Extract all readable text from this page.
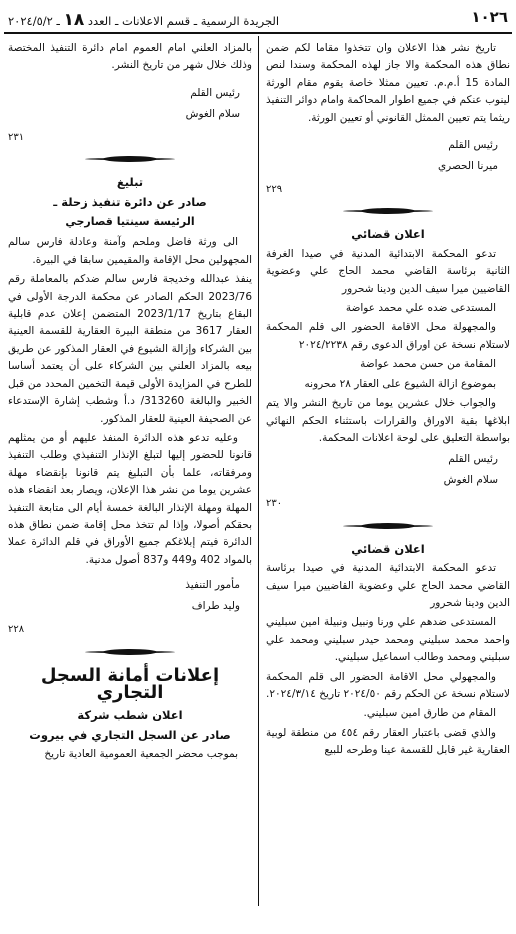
١٠٢٦
الجريدة الرسمية ـ قسم الاعلانات ـ العدد ١٨ ـ ٢٠٢٤/٥/٢

تاريخ نشر هذا الاعلان وان تتخذوا مقاما لكم ضمن نطاق هذه المحكمة والا جاز لهذه المحكمة وسندا لنص المادة 15 أ.م.م. تعيين ممثلا خاصة يقوم مقام الورثة لينوب عنكم في جميع اطوار المحاكمة وامام دوائر التنفيذ ريثما يتم تعيين الممثل القانوني أو تعيين الورثة.

رئيس القلم
ميرنا الحصري
٢٢٩
اعلان قضائي

تدعو المحكمة الابتدائية المدنية في صيدا الغرفة الثانية برئاسة القاضي محمد الحاج علي وعضوية القاضيين ميرا سيف الدين ودينا شحرور

المستدعى ضده علي محمد عواضة

والمجهولة محل الاقامة الحضور الى قلم المحكمة لاستلام نسخة عن اوراق الدعوى رقم ٢٠٢٤/٢٢٣٨

المقامة من حسن محمد عواضة

بموضوع ازالة الشيوع على العقار ٢٨ محرونه

والجواب خلال عشرين يوما من تاريخ النشر والا يتم ابلاغها بقية الاوراق والقرارات باستثناء الحكم النهائي بواسطة التعليق على لوحة اعلانات المحكمة.

رئيس القلم
سلام الغوش
٢٣٠
اعلان قضائي

تدعو المحكمة الابتدائية المدنية في صيدا برئاسة القاضي محمد الحاج علي وعضوية القاضيين ميرا سيف الدين ودينا شحرور

المستدعى ضدهم علي ورنا ونبيل ونبيلة امين سبليني واحمد محمد سبليني ومحمد حيدر سبليني ومحمد علي سبليني ومحمد وطالب اسماعيل سبليني.

والمجهولي محل الاقامة الحضور الى قلم المحكمة لاستلام نسخة عن الحكم رقم ٢٠٢٤/٥٠ تاريخ ٢٠٢٤/٣/١٤.

المقام من طارق امين سبليني.

والذي قضى باعتبار العقار رقم ٤٥٤ من منطقة لوبية العقارية غير قابل للقسمة عينا وطرحه للبيع

بالمزاد العلني امام العموم امام دائرة التنفيذ المختصة وذلك خلال شهر من تاريخ النشر.

رئيس القلم
سلام الغوش
٢٣١
تبليغ
صادر عن دائرة تنفيذ زحلة ـ
الرئيسة سينتيا قصارجي

الى ورثة فاضل وملحم وآمنة وعادلة فارس سالم المجهولين محل الإقامة والمقيمين سابقا في البيرة.

ينفذ عبدالله وخديجة فارس سالم ضدكم بالمعاملة رقم 2023/76 الحكم الصادر عن محكمة الدرجة الأولى في البقاع بتاريخ 2023/1/17 المتضمن إعلان عدم قابلية العقار 3617 من منطقة البيرة العقارية للقسمة العينية بين الشركاء وإزالة الشيوع في العقار المذكور عن طريق بيعه بالمزاد العلني بين الشركاء على أن يعتمد أساسا للطرح في المزايدة الأولى قيمة التخمين المحدد من قبل الخبير والبالغة 313260/ د.أ وشطب إشارة الإستدعاء عن الصحيفة العينية للعقار المذكور.

وعليه تدعو هذه الدائرة المنفذ عليهم أو من يمثلهم قانونا للحضور إليها لتبلغ الإنذار التنفيذي وطلب التنفيذ ومرفقاته، علما بأن التبليغ يتم قانونا بإنقضاء مهلة عشرين يوما من نشر هذا الإعلان، ويصار بعد انقضاء هذه المهلة ومهلة الإنذار البالغة خمسة أيام الى متابعة التنفيذ بحقكم أصولا، وإذا لم تتخذ محل إقامة ضمن نطاق هذه الدائرة فيتم إبلاغكم جميع الأوراق في قلم الدائرة عملا بالمواد 402 و449 و837 أصول مدنية.

مأمور التنفيذ
وليد طراف
٢٢٨
إعلانات أمانة السجل التجاري
اعلان شطب شركة
صادر عن السجل التجاري في بيروت

بموجب محضر الجمعية العمومية العادية تاريخ
